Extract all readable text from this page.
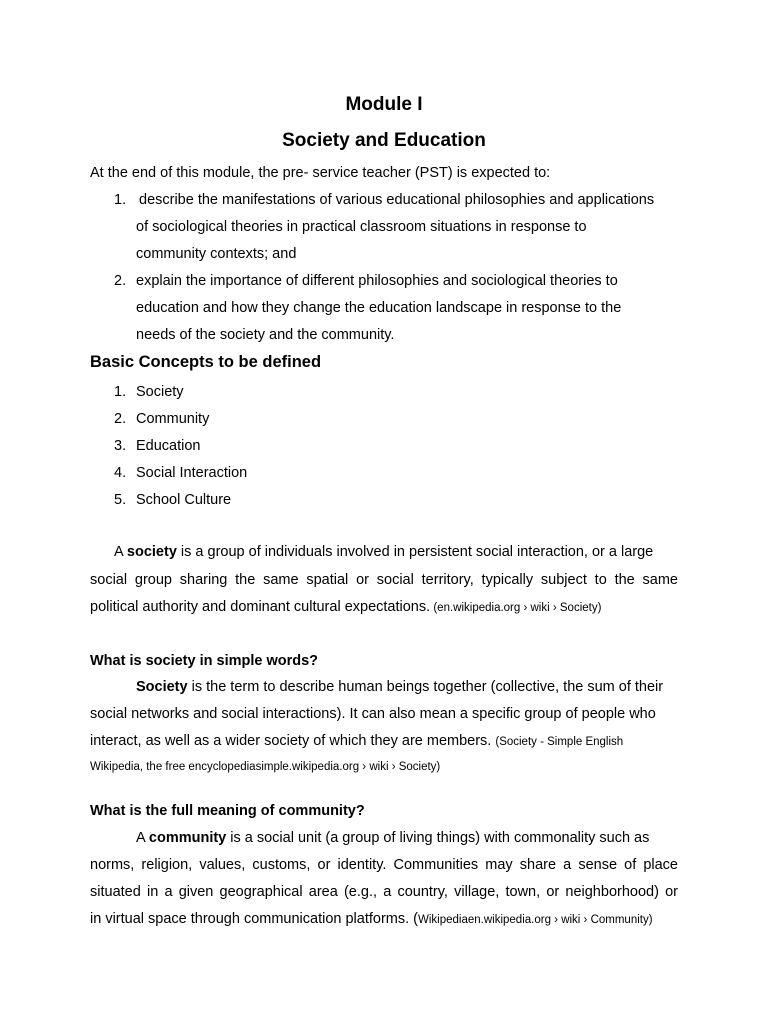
Module I
Society and Education
At the end of this module, the pre- service teacher (PST) is expected to:
1. describe the manifestations of various educational philosophies and applications
of sociological theories in practical classroom situations in response to
community contexts; and
2. explain the importance of different philosophies and sociological theories to
education and how they change the education landscape in response to the
needs of the society and the community.
Basic Concepts to be defined
1. Society
2. Community
3. Education
4. Social Interaction
5. School Culture
A society is a group of individuals involved in persistent social interaction, or a large
social group sharing the same spatial or social territory, typically subject to the same
political authority and dominant cultural expectations. (en.wikipedia.org › wiki › Society)
What is society in simple words?
Society is the term to describe human beings together (collective, the sum of their
social networks and social interactions). It can also mean a specific group of people who
interact, as well as a wider society of which they are members. (Society - Simple English
Wikipedia, the free encyclopediasimple.wikipedia.org › wiki › Society)
What is the full meaning of community?
A community is a social unit (a group of living things) with commonality such as
norms, religion, values, customs, or identity. Communities may share a sense of place
situated in a given geographical area (e.g., a country, village, town, or neighborhood) or
in virtual space through communication platforms. (Wikipediaen.wikipedia.org › wiki › Community)
